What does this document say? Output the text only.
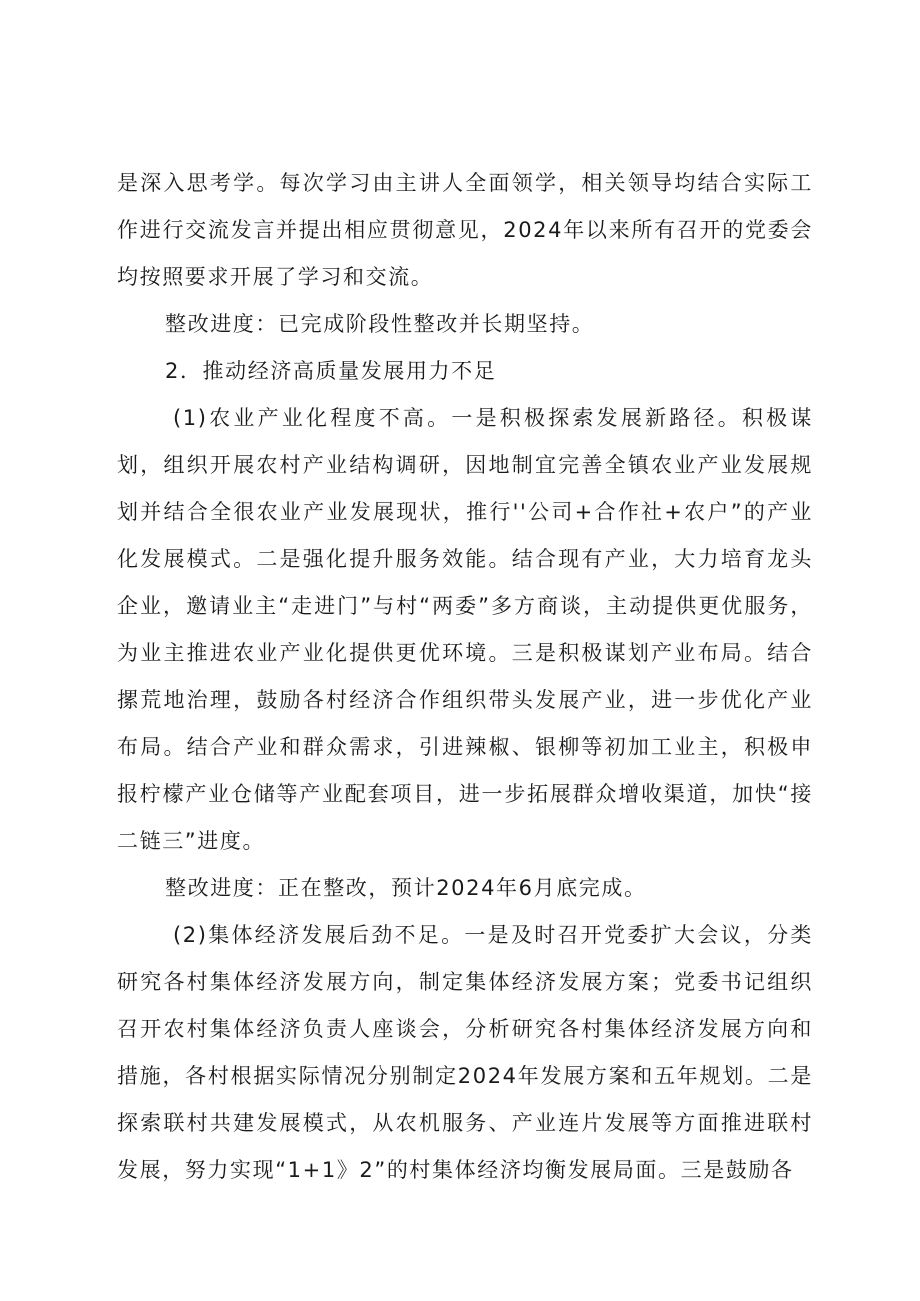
是深入思考学。每次学习由主讲人全面领学，相关领导均结合实际工作进行交流发言并提出相应贯彻意见，2024年以来所有召开的党委会均按照要求开展了学习和交流。

整改进度：已完成阶段性整改并长期坚持。

2．推动经济高质量发展用力不足

(1)农业产业化程度不高。一是积极探索发展新路径。积极谋划，组织开展农村产业结构调研，因地制宜完善全镇农业产业发展规划并结合全很农业产业发展现状，推行''公司+合作社+农户”的产业化发展模式。二是强化提升服务效能。结合现有产业，大力培育龙头企业，邀请业主“走进门”与村“两委”多方商谈，主动提供更优服务，为业主推进农业产业化提供更优环境。三是积极谋划产业布局。结合摞荒地治理，鼓励各村经济合作组织带头发展产业，进一步优化产业布局。结合产业和群众需求，引进辣椒、银柳等初加工业主，积极申报柠檬产业仓储等产业配套项目，进一步拓展群众增收渠道，加快“接二链三”进度。

整改进度：正在整改，预计2024年6月底完成。

(2)集体经济发展后劲不足。一是及时召开党委扩大会议，分类研究各村集体经济发展方向，制定集体经济发展方案；党委书记组织召开农村集体经济负责人座谈会，分析研究各村集体经济发展方向和措施，各村根据实际情况分别制定2024年发展方案和五年规划。二是探索联村共建发展模式，从农机服务、产业连片发展等方面推进联村发展，努力实现“1+1》2”的村集体经济均衡发展局面。三是鼓励各
